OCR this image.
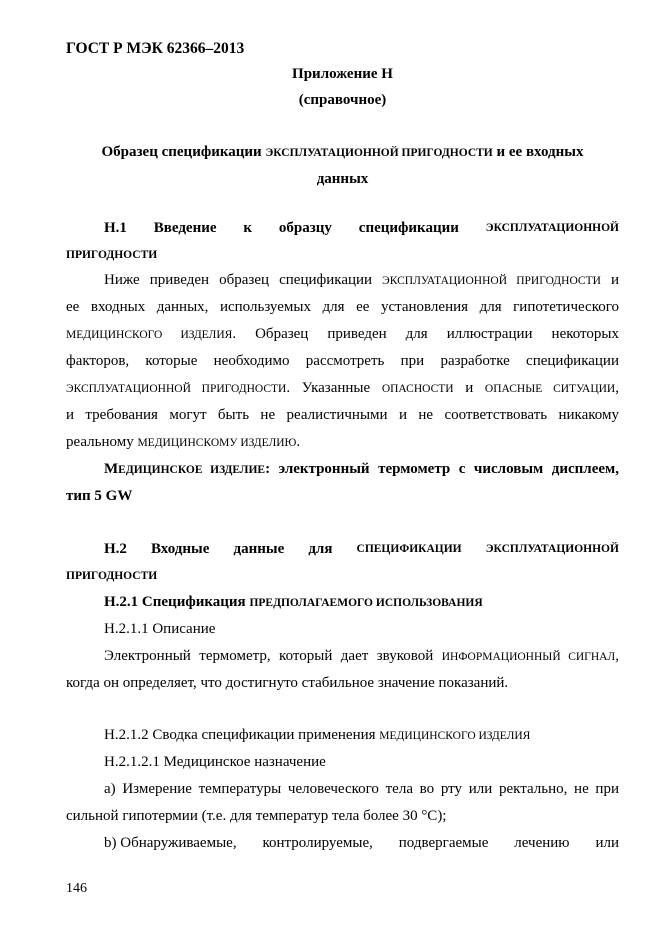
ГОСТ Р МЭК 62366–2013
Приложение Н
(справочное)
Образец спецификации ЭКСПЛУАТАЦИОННОЙ ПРИГОДНОСТИ и ее входных
данных
Н.1 Введение к образцу спецификации ЭКСПЛУАТАЦИОННОЙ
ПРИГОДНОСТИ
Ниже приведен образец спецификации ЭКСПЛУАТАЦИОННОЙ ПРИГОДНОСТИ и
ее входных данных, используемых для ее установления для гипотетического
МЕДИЦИНСКОГО ИЗДЕЛИЯ. Образец приведен для иллюстрации некоторых
факторов, которые необходимо рассмотреть при разработке спецификации
ЭКСПЛУАТАЦИОННОЙ ПРИГОДНОСТИ. Указанные ОПАСНОСТИ и ОПАСНЫЕ СИТУАЦИИ,
и требования могут быть не реалистичными и не соответствовать никакому
реальному МЕДИЦИНСКОМУ ИЗДЕЛИЮ.
МЕДИЦИНСКОЕ ИЗДЕЛИЕ: электронный термометр с числовым дисплеем,
тип 5 GW
Н.2 Входные данные для СПЕЦИФИКАЦИИ ЭКСПЛУАТАЦИОННОЙ
ПРИГОДНОСТИ
Н.2.1 Спецификация ПРЕДПОЛАГАЕМОГО ИСПОЛЬЗОВАНИЯ
Н.2.1.1 Описание
Электронный термометр, который дает звуковой ИНФОРМАЦИОННЫЙ СИГНАЛ,
когда он определяет, что достигнуто стабильное значение показаний.
Н.2.1.2 Сводка спецификации применения МЕДИЦИНСКОГО ИЗДЕЛИЯ
Н.2.1.2.1 Медицинское назначение
a) Измерение температуры человеческого тела во рту или ректально, не при
сильной гипотермии (т.е. для температур тела более 30 °C);
b) Обнаруживаемые, контролируемые, подвергаемые лечению или
146
